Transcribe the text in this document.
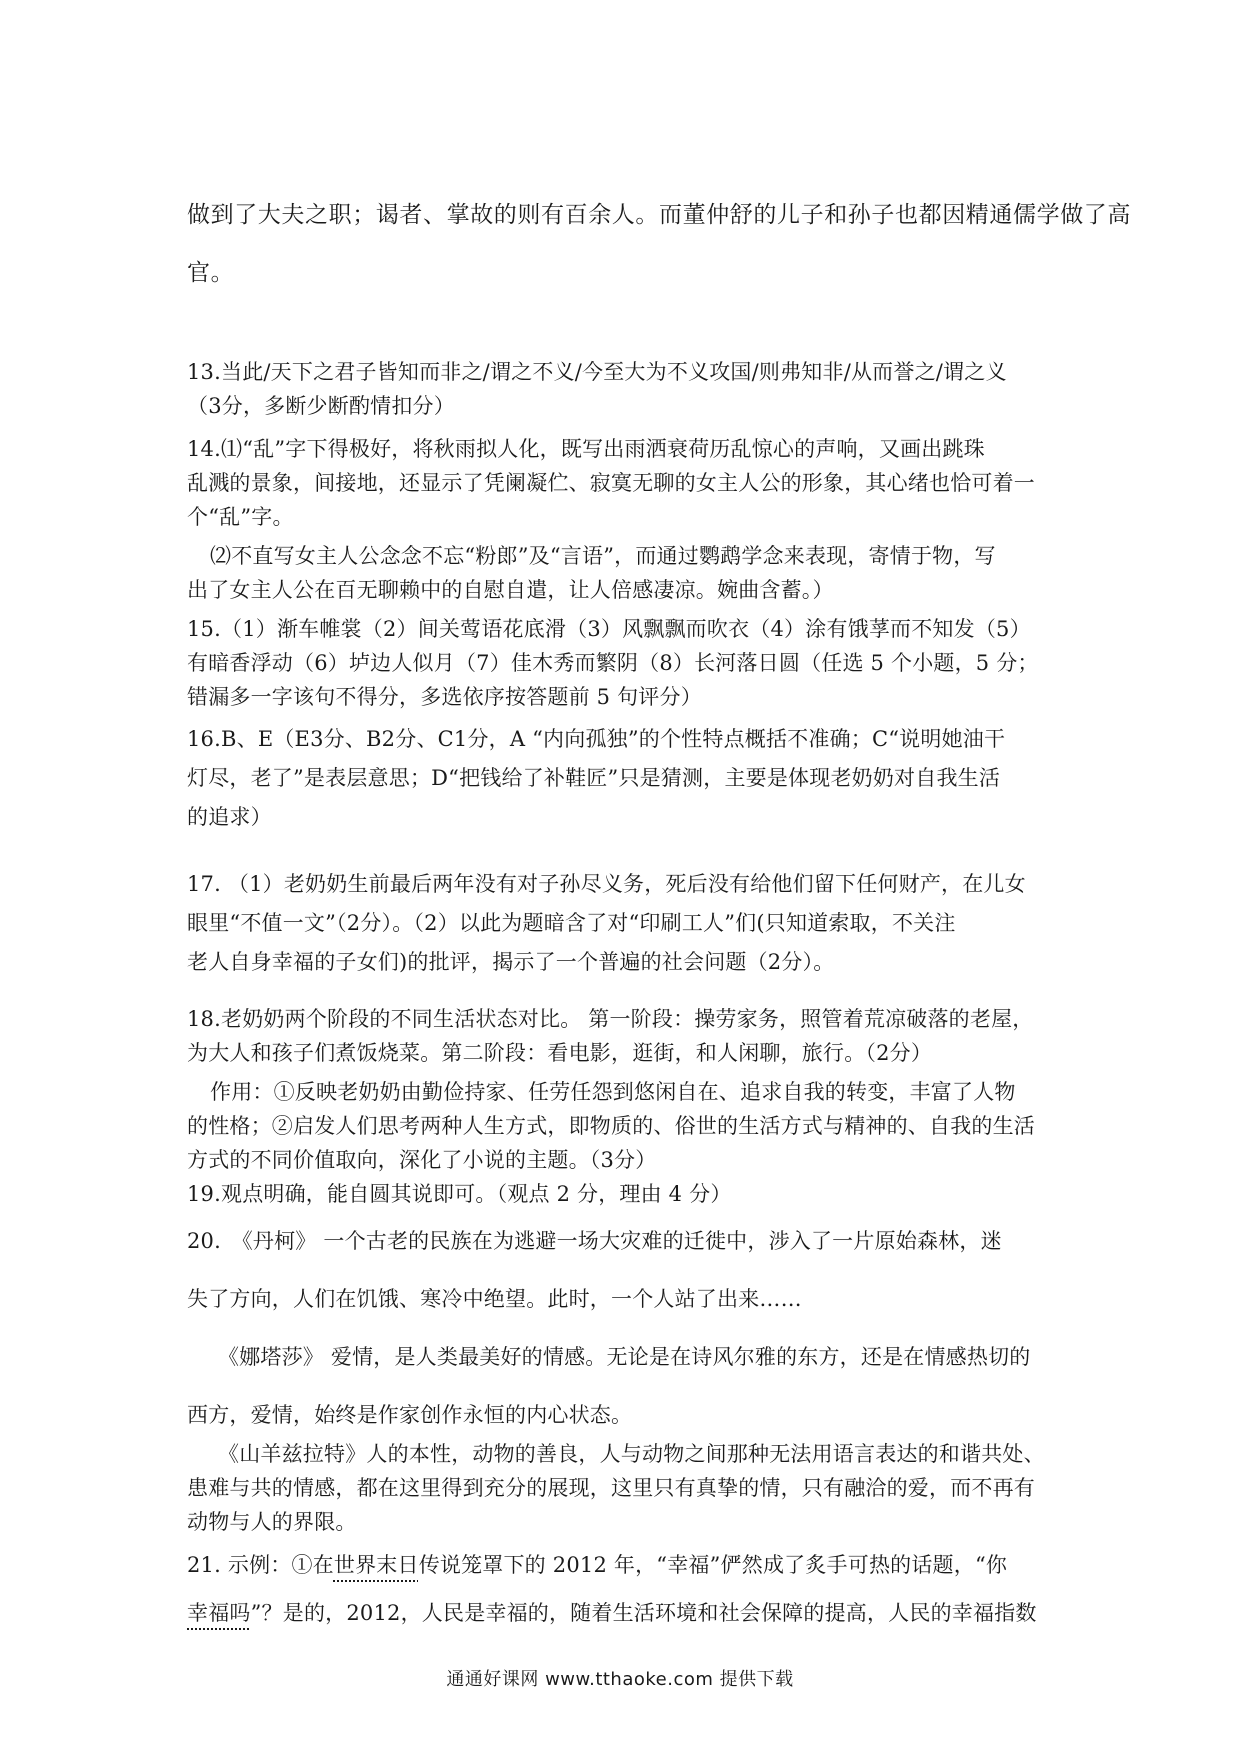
做到了大夫之职；谒者、掌故的则有百余人。而董仲舒的儿子和孙子也都因精通儒学做了高
官。
13.当此/天下之君子皆知而非之/谓之不义/今至大为不义攻国/则弗知非/从而誉之/谓之义
（3分，多断少断酌情扣分）
14.⑴“乱”字下得极好，将秋雨拟人化，既写出雨洒衰荷历乱惊心的声响，又画出跳珠
乱溅的景象，间接地，还显示了凭阑凝伫、寂寞无聊的女主人公的形象，其心绪也恰可着一
个“乱”字。
⑵不直写女主人公念念不忘“粉郎”及“言语”，而通过鹦鹉学念来表现，寄情于物，写
出了女主人公在百无聊赖中的自慰自遣，让人倍感凄凉。婉曲含蓄。）
15.（1）渐车帷裳（2）间关莺语花底滑（3）风飘飘而吹衣（4）涂有饿莩而不知发（5）
有暗香浮动（6）垆边人似月（7）佳木秀而繁阴（8）长河落日圆（任选 5 个小题，5 分；
错漏多一字该句不得分，多选依序按答题前 5 句评分）
16.B、E（E3分、B2分、C1分，A “内向孤独”的个性特点概括不准确；C“说明她油干
灯尽，老了”是表层意思；D“把钱给了补鞋匠”只是猜测，主要是体现老奶奶对自我生活
的追求）
17. （1）老奶奶生前最后两年没有对子孙尽义务，死后没有给他们留下任何财产，在儿女
眼里“不值一文”（2分）。（2）以此为题暗含了对“印刷工人”们(只知道索取，不关注
老人自身幸福的子女们)的批评，揭示了一个普遍的社会问题（2分）。
18.老奶奶两个阶段的不同生活状态对比。 第一阶段：操劳家务，照管着荒凉破落的老屋，
为大人和孩子们煮饭烧菜。第二阶段：看电影，逛街，和人闲聊，旅行。（2分）
作用：①反映老奶奶由勤俭持家、任劳任怨到悠闲自在、追求自我的转变，丰富了人物
的性格；②启发人们思考两种人生方式，即物质的、俗世的生活方式与精神的、自我的生活
方式的不同价值取向，深化了小说的主题。（3分）
19.观点明确，能自圆其说即可。（观点 2 分，理由 4 分）
20.　《丹柯》 一个古老的民族在为逃避一场大灾难的迁徙中，涉入了一片原始森林，迷
失了方向，人们在饥饿、寒冷中绝望。此时，一个人站了出来……
《娜塔莎》 爱情，是人类最美好的情感。无论是在诗风尔雅的东方，还是在情感热切的
西方，爱情，始终是作家创作永恒的内心状态。
《山羊兹拉特》人的本性，动物的善良，人与动物之间那种无法用语言表达的和谐共处、
患难与共的情感，都在这里得到充分的展现，这里只有真挚的情，只有融洽的爱，而不再有
动物与人的界限。
21. 示例：①在世界末日传说笼罩下的 2012 年，“幸福”俨然成了炙手可热的话题，“你
幸福吗”？是的，2012，人民是幸福的，随着生活环境和社会保障的提高，人民的幸福指数
通通好课网 www.tthaoke.com 提供下载
